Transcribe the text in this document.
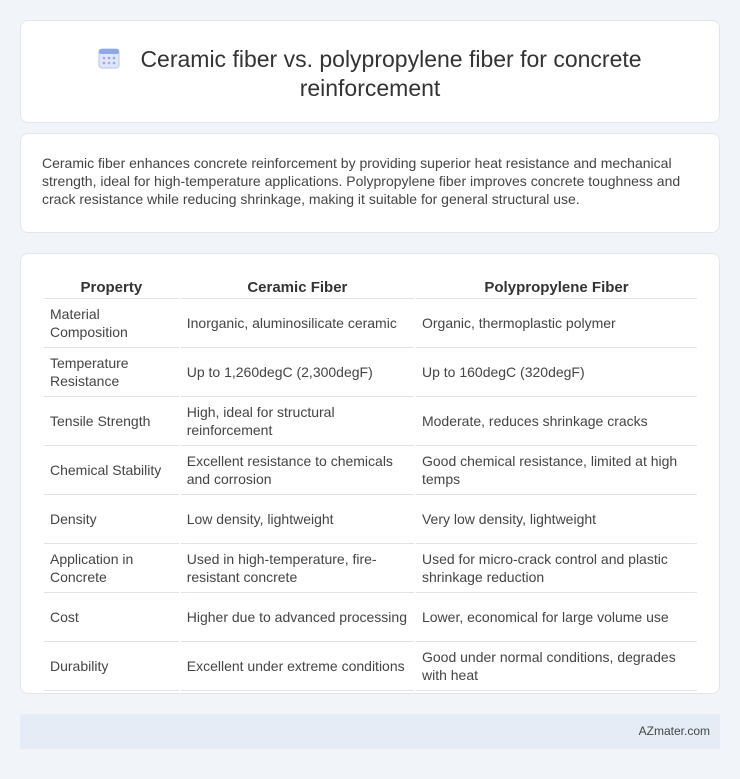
Ceramic fiber vs. polypropylene fiber for concrete reinforcement

Ceramic fiber enhances concrete reinforcement by providing superior heat resistance and mechanical strength, ideal for high-temperature applications. Polypropylene fiber improves concrete toughness and crack resistance while reducing shrinkage, making it suitable for general structural use.

Property	Ceramic Fiber	Polypropylene Fiber
Material Composition	Inorganic, aluminosilicate ceramic	Organic, thermoplastic polymer
Temperature Resistance	Up to 1,260degC (2,300degF)	Up to 160degC (320degF)
Tensile Strength	High, ideal for structural reinforcement	Moderate, reduces shrinkage cracks
Chemical Stability	Excellent resistance to chemicals and corrosion	Good chemical resistance, limited at high temps
Density	Low density, lightweight	Very low density, lightweight
Application in Concrete	Used in high-temperature, fire-resistant concrete	Used for micro-crack control and plastic shrinkage reduction
Cost	Higher due to advanced processing	Lower, economical for large volume use
Durability	Excellent under extreme conditions	Good under normal conditions, degrades with heat
AZmater.com
